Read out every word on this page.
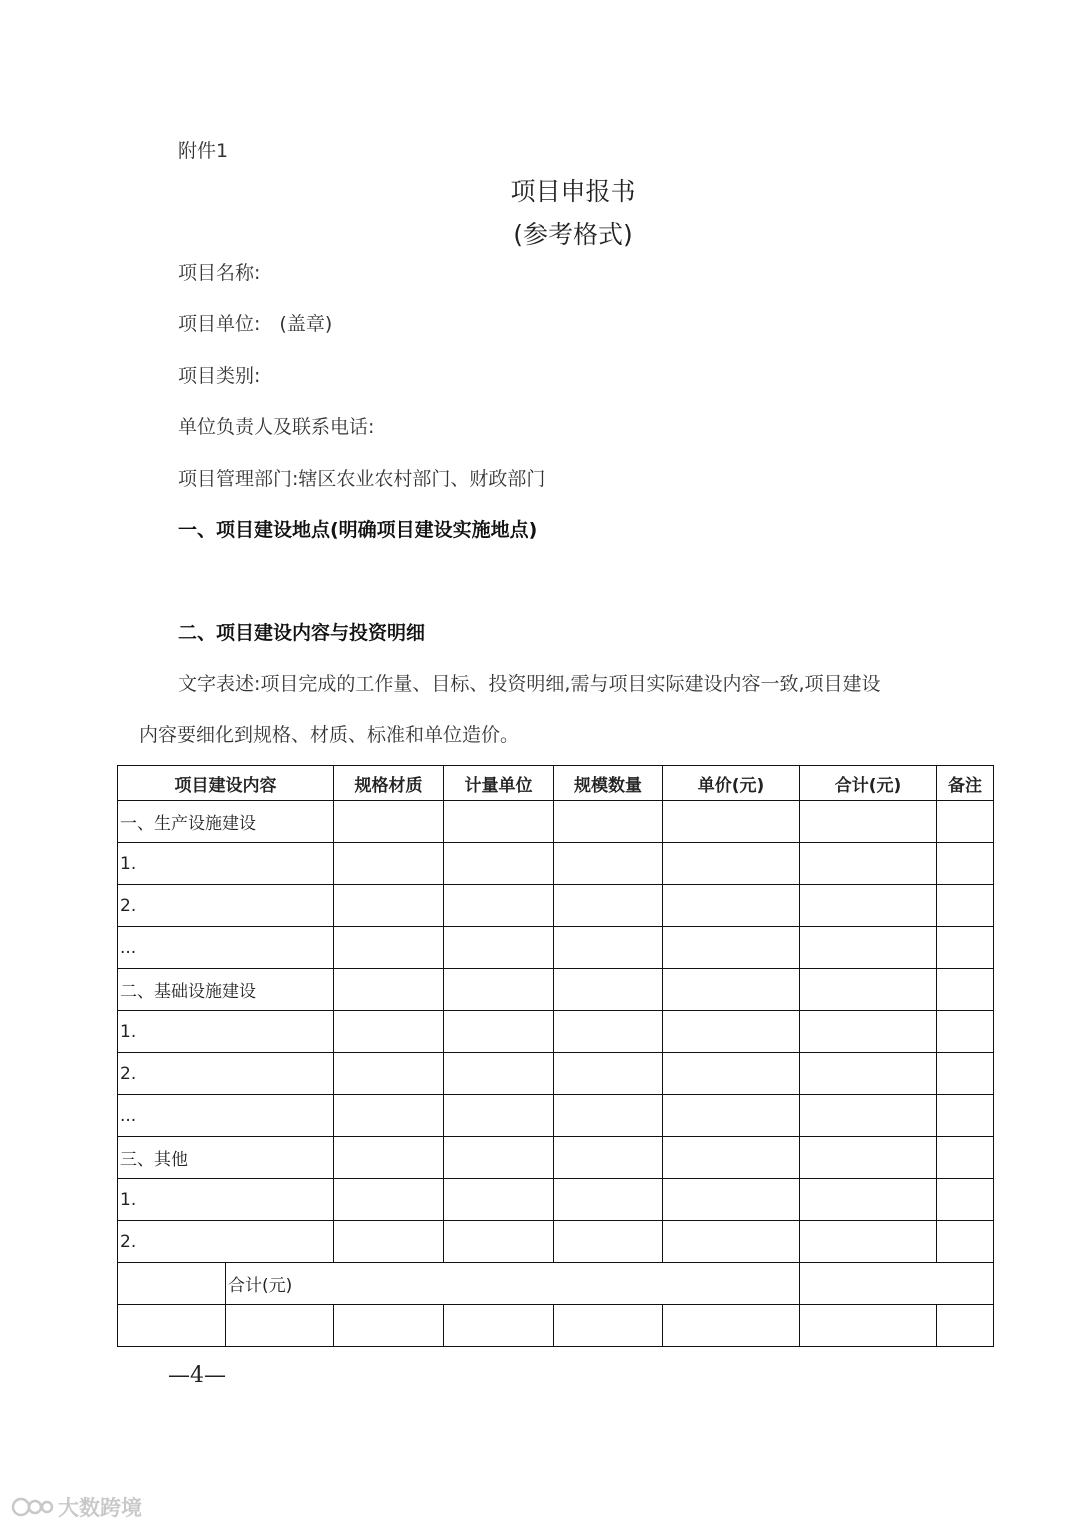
附件1
项目申报书
(参考格式)
项目名称:
项目单位:　(盖章)
项目类别:
单位负责人及联系电话:
项目管理部门:辖区农业农村部门、财政部门
一、项目建设地点(明确项目建设实施地点)
二、项目建设内容与投资明细
文字表述:项目完成的工作量、目标、投资明细,需与项目实际建设内容一致,项目建设
内容要细化到规格、材质、标准和单位造价。
项目建设内容		规格材质	计量单位	规模数量	单价(元)	合计(元)	备注
一、生产设施建设							
1.							
2.							
...							
二、基础设施建设							
1.							
2.							
...							
三、其他							
1.							
2.							
	合计(元)						

—4—
大数跨境
